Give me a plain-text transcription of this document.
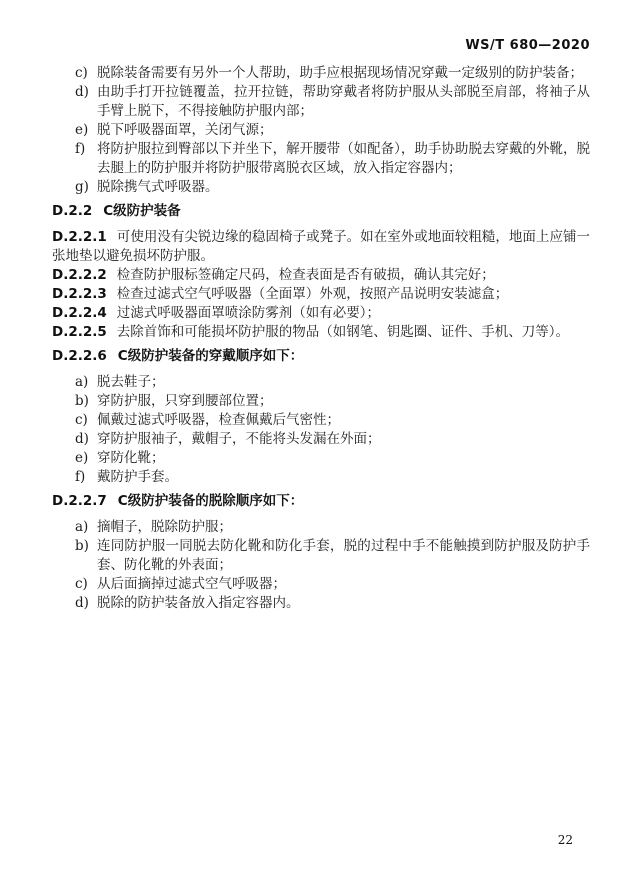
WS/T 680—2020
c) 脱除装备需要有另外一个人帮助，助手应根据现场情况穿戴一定级别的防护装备；
d) 由助手打开拉链覆盖，拉开拉链，帮助穿戴者将防护服从头部脱至肩部，将袖子从手臂上脱下，不得接触防护服内部；
e) 脱下呼吸器面罩，关闭气源；
f) 将防护服拉到臀部以下并坐下，解开腰带（如配备），助手协助脱去穿戴的外靴，脱去腿上的防护服并将防护服带离脱衣区域，放入指定容器内；
g) 脱除携气式呼吸器。
D.2.2 C级防护装备

D.2.2.1 可使用没有尖锐边缘的稳固椅子或凳子。如在室外或地面较粗糙，地面上应铺一张地垫以避免损坏防护服。

D.2.2.2 检查防护服标签确定尺码，检查表面是否有破损，确认其完好；

D.2.2.3 检查过滤式空气呼吸器（全面罩）外观，按照产品说明安装滤盒；

D.2.2.4 过滤式呼吸器面罩喷涂防雾剂（如有必要）；

D.2.2.5 去除首饰和可能损坏防护服的物品（如钢笔、钥匙圈、证件、手机、刀等）。

D.2.2.6 C级防护装备的穿戴顺序如下：
a) 脱去鞋子；
b) 穿防护服，只穿到腰部位置；
c) 佩戴过滤式呼吸器，检查佩戴后气密性；
d) 穿防护服袖子，戴帽子，不能将头发漏在外面；
e) 穿防化靴；
f) 戴防护手套。
D.2.2.7 C级防护装备的脱除顺序如下：
a) 摘帽子，脱除防护服；
b) 连同防护服一同脱去防化靴和防化手套，脱的过程中手不能触摸到防护服及防护手套、防化靴的外表面；
c) 从后面摘掉过滤式空气呼吸器；
d) 脱除的防护装备放入指定容器内。
22
